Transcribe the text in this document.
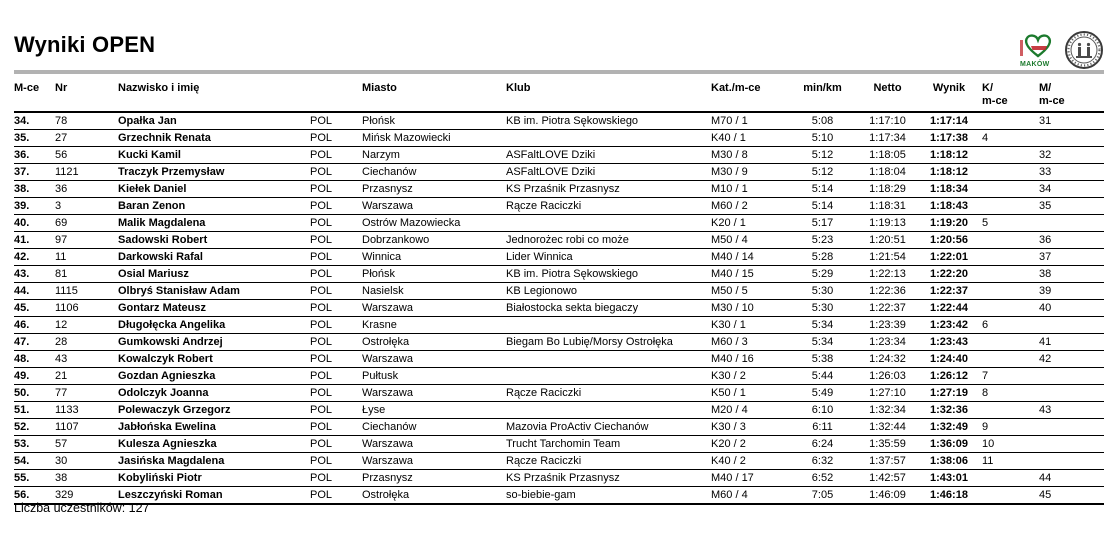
Wyniki OPEN
MAKÓW
M-ce	Nr	Nazwisko i imię		Miasto	Klub	Kat./m-ce	min/km	Netto	Wynik	K/
m-ce

M/
m-ce

34.	78	Opałka Jan	POL	Płońsk	KB im. Piotra Sękowskiego	M70 / 1	5:08	1:17:10	1:17:14		31
35.	27	Grzechnik Renata	POL	Mińsk Mazowiecki		K40 / 1	5:10	1:17:34	1:17:38	4	
36.	56	Kucki Kamil	POL	Narzym	ASFaltLOVE Dziki	M30 / 8	5:12	1:18:05	1:18:12		32
37.	1121	Traczyk Przemysław	POL	Ciechanów	ASFaltLOVE Dziki	M30 / 9	5:12	1:18:04	1:18:12		33
38.	36	Kiełek Daniel	POL	Przasnysz	KS Przaśnik Przasnysz	M10 / 1	5:14	1:18:29	1:18:34		34
39.	3	Baran Zenon	POL	Warszawa	Rącze Raciczki	M60 / 2	5:14	1:18:31	1:18:43		35
40.	69	Malik Magdalena	POL	Ostrów Mazowiecka		K20 / 1	5:17	1:19:13	1:19:20	5	
41.	97	Sadowski Robert	POL	Dobrzankowo	Jednorożec robi co może	M50 / 4	5:23	1:20:51	1:20:56		36
42.	11	Darkowski Rafal	POL	Winnica	Lider Winnica	M40 / 14	5:28	1:21:54	1:22:01		37
43.	81	Osial Mariusz	POL	Płońsk	KB im. Piotra Sękowskiego	M40 / 15	5:29	1:22:13	1:22:20		38
44.	1115	Olbryś Stanisław Adam	POL	Nasielsk	KB Legionowo	M50 / 5	5:30	1:22:36	1:22:37		39
45.	1106	Gontarz Mateusz	POL	Warszawa	Białostocka sekta biegaczy	M30 / 10	5:30	1:22:37	1:22:44		40
46.	12	Długołęcka Angelika	POL	Krasne		K30 / 1	5:34	1:23:39	1:23:42	6	
47.	28	Gumkowski Andrzej	POL	Ostrołęka	Biegam Bo Lubię/Morsy Ostrołęka	M60 / 3	5:34	1:23:34	1:23:43		41
48.	43	Kowalczyk Robert	POL	Warszawa		M40 / 16	5:38	1:24:32	1:24:40		42
49.	21	Gozdan Agnieszka	POL	Pułtusk		K30 / 2	5:44	1:26:03	1:26:12	7	
50.	77	Odolczyk Joanna	POL	Warszawa	Rącze Raciczki	K50 / 1	5:49	1:27:10	1:27:19	8	
51.	1133	Polewaczyk Grzegorz	POL	Łyse		M20 / 4	6:10	1:32:34	1:32:36		43
52.	1107	Jabłońska Ewelina	POL	Ciechanów	Mazovia ProActiv Ciechanów	K30 / 3	6:11	1:32:44	1:32:49	9	
53.	57	Kulesza Agnieszka	POL	Warszawa	Trucht Tarchomin Team	K20 / 2	6:24	1:35:59	1:36:09	10	
54.	30	Jasińska Magdalena	POL	Warszawa	Rącze Raciczki	K40 / 2	6:32	1:37:57	1:38:06	11	
55.	38	Kobyliński Piotr	POL	Przasnysz	KS Przaśnik Przasnysz	M40 / 17	6:52	1:42:57	1:43:01		44
56.	329	Leszczyński Roman	POL	Ostrołęka	so-biebie-gam	M60 / 4	7:05	1:46:09	1:46:18		45
Liczba uczestników: 127
